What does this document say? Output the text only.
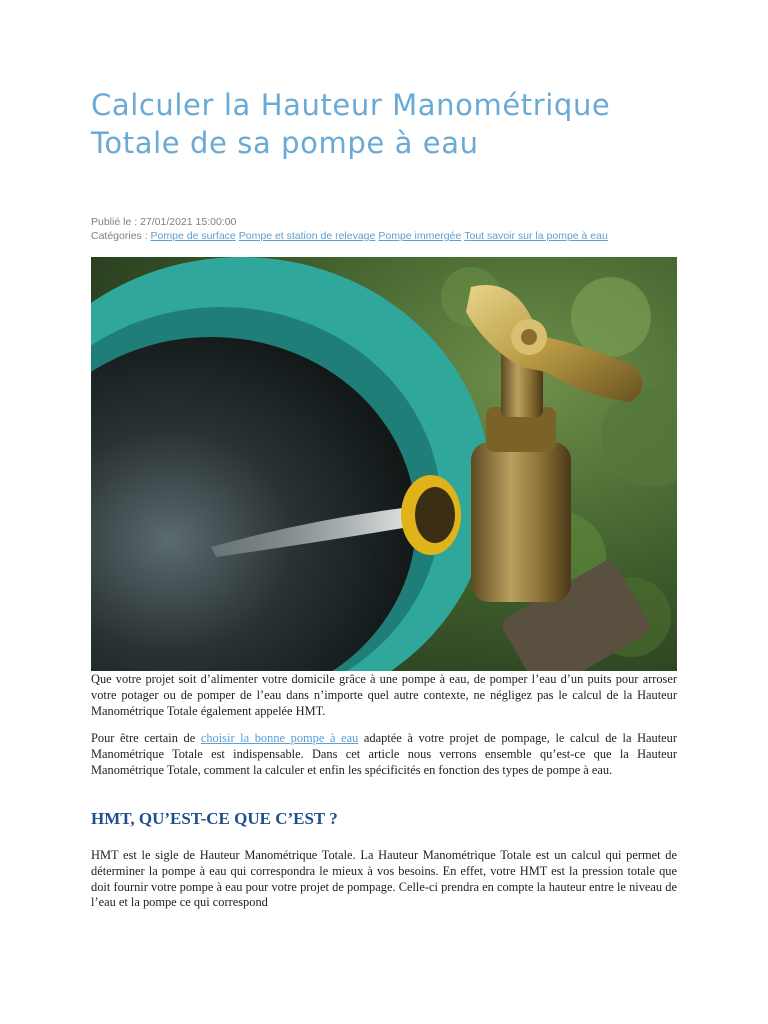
Calculer la Hauteur Manométrique Totale de sa pompe à eau
Publié le : 27/01/2021 15:00:00
Catégories : Pompe de surface Pompe et station de relevage Pompe immergée Tout savoir sur la pompe à eau

Que votre projet soit d’alimenter votre domicile grâce à une pompe à eau, de pomper l’eau d’un puits pour arroser votre potager ou de pomper de l’eau dans n’importe quel autre contexte, ne négligez pas le calcul de la Hauteur Manométrique Totale également appelée HMT.

Pour être certain de choisir la bonne pompe à eau adaptée à votre projet de pompage, le calcul de la Hauteur Manométrique Totale est indispensable. Dans cet article nous verrons ensemble qu’est-ce que la Hauteur Manométrique Totale, comment la calculer et enfin les spécificités en fonction des types de pompe à eau.

HMT, QU’EST-CE QUE C’EST ?

HMT est le sigle de Hauteur Manométrique Totale. La Hauteur Manométrique Totale est un calcul qui permet de déterminer la pompe à eau qui correspondra le mieux à vos besoins. En effet, votre HMT est la pression totale que doit fournir votre pompe à eau pour votre projet de pompage. Celle-ci prendra en compte la hauteur entre le niveau de l’eau et la pompe ce qui correspond
